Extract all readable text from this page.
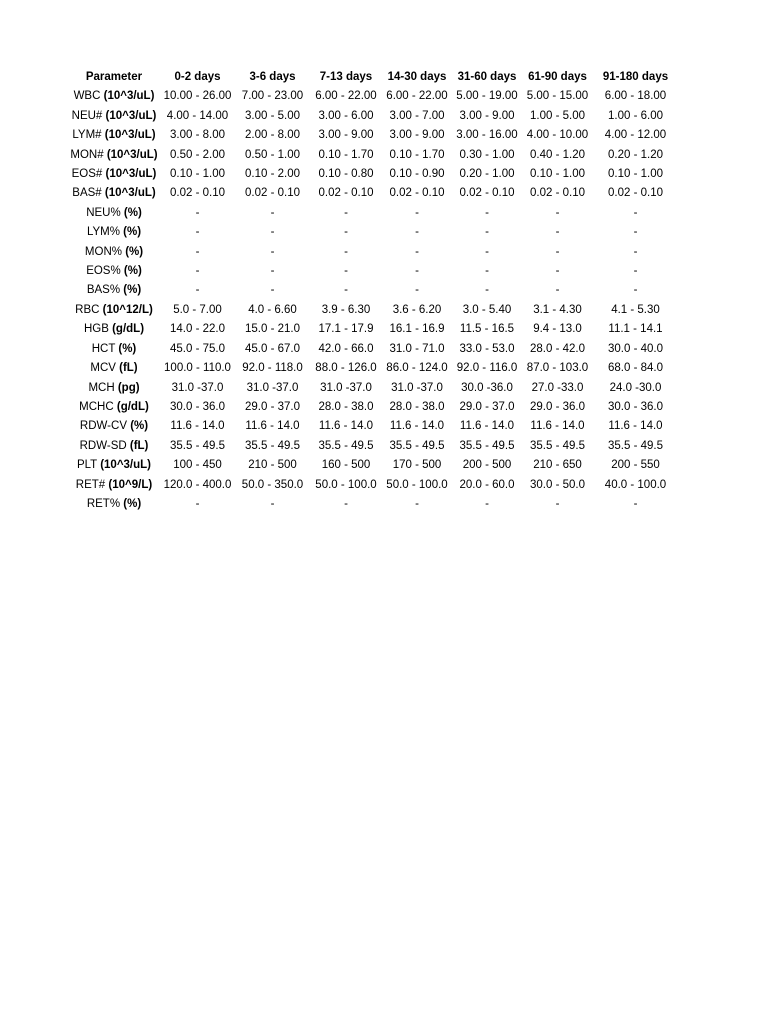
Parameter	0-2 days	3-6 days	7-13 days	14-30 days	31-60 days	61-90 days	91-180 days
WBC (10^3/uL)	10.00 - 26.00	7.00 - 23.00	6.00 - 22.00	6.00 - 22.00	5.00 - 19.00	5.00 - 15.00	6.00 - 18.00
NEU# (10^3/uL)	4.00 - 14.00	3.00 - 5.00	3.00 - 6.00	3.00 - 7.00	3.00 - 9.00	1.00 - 5.00	1.00 - 6.00
LYM# (10^3/uL)	3.00 - 8.00	2.00 - 8.00	3.00 - 9.00	3.00 - 9.00	3.00 - 16.00	4.00 - 10.00	4.00 - 12.00
MON# (10^3/uL)	0.50 - 2.00	0.50 - 1.00	0.10 - 1.70	0.10 - 1.70	0.30 - 1.00	0.40 - 1.20	0.20 - 1.20
EOS# (10^3/uL)	0.10 - 1.00	0.10 - 2.00	0.10 - 0.80	0.10 - 0.90	0.20 - 1.00	0.10 - 1.00	0.10 - 1.00
BAS# (10^3/uL)	0.02 - 0.10	0.02 - 0.10	0.02 - 0.10	0.02 - 0.10	0.02 - 0.10	0.02 - 0.10	0.02 - 0.10
NEU% (%)	-	-	-	-	-	-	-
LYM% (%)	-	-	-	-	-	-	-
MON% (%)	-	-	-	-	-	-	-
EOS% (%)	-	-	-	-	-	-	-
BAS% (%)	-	-	-	-	-	-	-
RBC (10^12/L)	5.0 - 7.00	4.0 - 6.60	3.9 - 6.30	3.6 - 6.20	3.0 - 5.40	3.1 - 4.30	4.1 - 5.30
HGB (g/dL)	14.0 - 22.0	15.0 - 21.0	17.1 - 17.9	16.1 - 16.9	11.5 - 16.5	9.4 - 13.0	11.1 - 14.1
HCT (%)	45.0 - 75.0	45.0 - 67.0	42.0 - 66.0	31.0 - 71.0	33.0 - 53.0	28.0 - 42.0	30.0 - 40.0
MCV (fL)	100.0 - 110.0	92.0 - 118.0	88.0 - 126.0	86.0 - 124.0	92.0 - 116.0	87.0 - 103.0	68.0 - 84.0
MCH (pg)	31.0 -37.0	31.0 -37.0	31.0 -37.0	31.0 -37.0	30.0 -36.0	27.0 -33.0	24.0 -30.0
MCHC (g/dL)	30.0 - 36.0	29.0 - 37.0	28.0 - 38.0	28.0 - 38.0	29.0 - 37.0	29.0 - 36.0	30.0 - 36.0
RDW-CV (%)	11.6 - 14.0	11.6 - 14.0	11.6 - 14.0	11.6 - 14.0	11.6 - 14.0	11.6 - 14.0	11.6 - 14.0
RDW-SD (fL)	35.5 - 49.5	35.5 - 49.5	35.5 - 49.5	35.5 - 49.5	35.5 - 49.5	35.5 - 49.5	35.5 - 49.5
PLT (10^3/uL)	100 - 450	210 - 500	160 - 500	170 - 500	200 - 500	210 - 650	200 - 550
RET# (10^9/L)	120.0 - 400.0	50.0 - 350.0	50.0 - 100.0	50.0 - 100.0	20.0 - 60.0	30.0 - 50.0	40.0 - 100.0
RET% (%)	-	-	-	-	-	-	-
